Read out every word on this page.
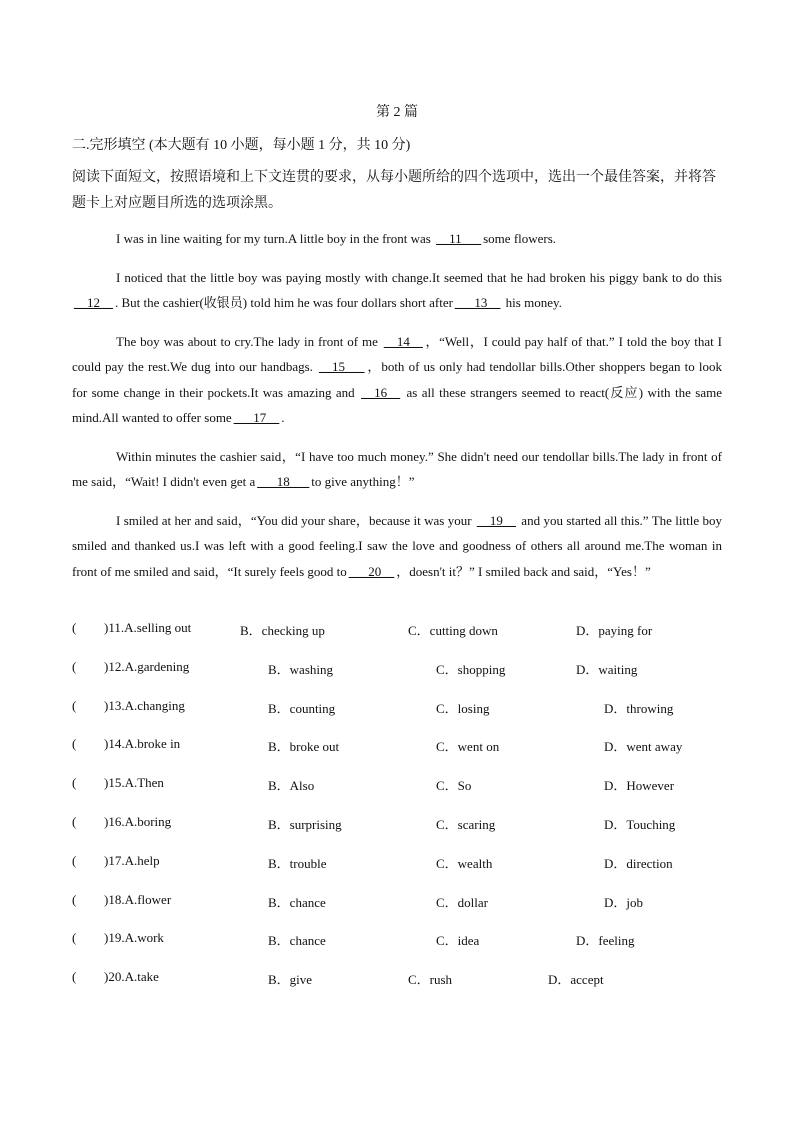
第 2 篇
二.完形填空 (本大题有 10 小题，每小题 1 分，共 10 分)
阅读下面短文，按照语境和上下文连贯的要求，从每小题所给的四个选项中，选出一个最佳答案，并将答题卡上对应题目所选的选项涂黑。

I was in line waiting for my turn.A little boy in the front was __11___ some flowers.

I noticed that the little boy was paying mostly with change.It seemed that he had broken his piggy bank to do this __12__ . But the cashier(收银员) told him he was four dollars short after ___13__ his money.

The boy was about to cry.The lady in front of me __14__ ，“Well，I could pay half of that.” I told the boy that I could pay the rest.We dug into our handbags. __15___ ，both of us only had tendollar bills.Other shoppers began to look for some change in their pockets.It was amazing and __16__ as all these strangers seemed to react(反应) with the same mind.All wanted to offer some ___17__ .

Within minutes the cashier said，“I have too much money.” She didn't need our tendollar bills.The lady in front of me said，“Wait! I didn't even get a ___18___ to give anything！”

I smiled at her and said，“You did your share，because it was your __19__ and you started all this.” The little boy smiled and thanked us.I was left with a good feeling.I saw the love and goodness of others all around me.The woman in front of me smiled and said，“It surely feels good to ___20__ ，doesn't it？” I smiled back and said，“Yes！”

( )11.A.selling out	B．checking up	C．cutting down	D．paying for
( )12.A.gardening	B．washing	C．shopping	D．waiting
( )13.A.changing	B．counting	C．losing	D．throwing
( )14.A.broke in	B．broke out	C．went on	D．went away
( )15.A.Then	B．Also	C．So	D．However
( )16.A.boring	B．surprising	C．scaring	D．Touching
( )17.A.help	B．trouble	C．wealth	D．direction
( )18.A.flower	B．chance	C．dollar	D．job
( )19.A.work	B．chance	C．idea	D．feeling
( )20.A.take	B．give	C．rush	D．accept
